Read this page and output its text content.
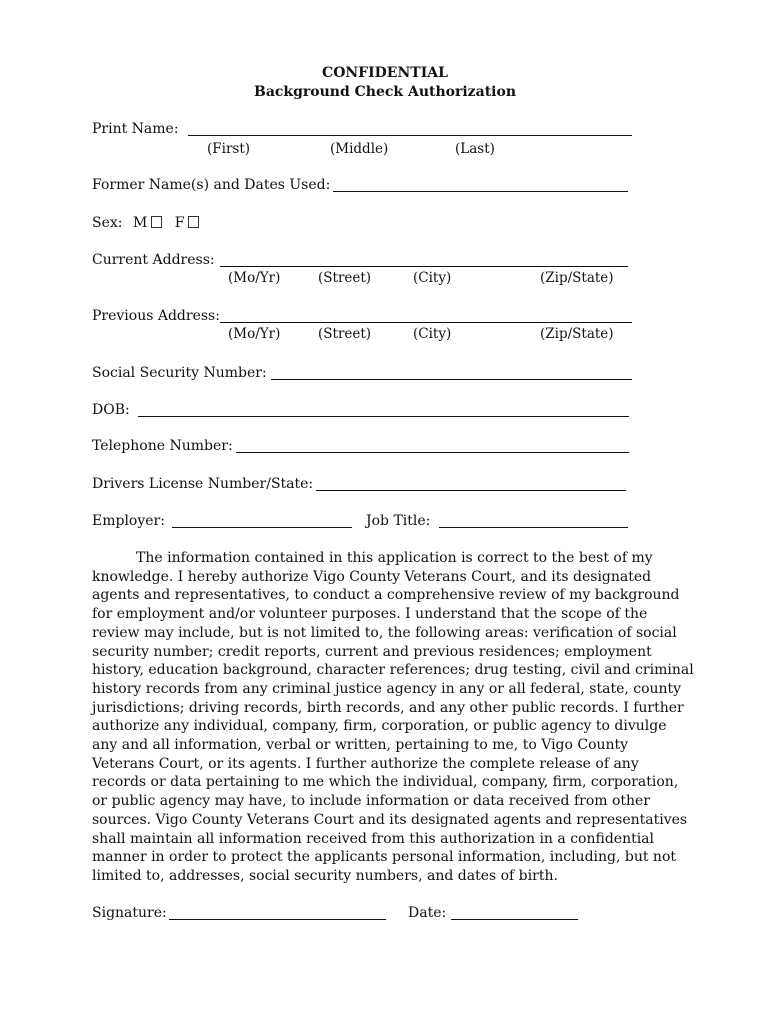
CONFIDENTIAL
Background Check Authorization
Print Name:
(First)	(Middle)	(Last)
Former Name(s) and Dates Used:
Sex: M F
Current Address:
(Mo/Yr)	(Street)	(City)	(Zip/State)
Previous Address:
(Mo/Yr)	(Street)	(City)	(Zip/State)
Social Security Number:
DOB:
Telephone Number:
Drivers License Number/State:
Employer:	Job Title:
The information contained in this application is correct to the best of my
knowledge. I hereby authorize Vigo County Veterans Court, and its designated
agents and representatives, to conduct a comprehensive review of my background
for employment and/or volunteer purposes. I understand that the scope of the
review may include, but is not limited to, the following areas: verification of social
security number; credit reports, current and previous residences; employment
history, education background, character references; drug testing, civil and criminal
history records from any criminal justice agency in any or all federal, state, county
jurisdictions; driving records, birth records, and any other public records. I further
authorize any individual, company, firm, corporation, or public agency to divulge
any and all information, verbal or written, pertaining to me, to Vigo County
Veterans Court, or its agents. I further authorize the complete release of any
records or data pertaining to me which the individual, company, firm, corporation,
or public agency may have, to include information or data received from other
sources. Vigo County Veterans Court and its designated agents and representatives
shall maintain all information received from this authorization in a confidential
manner in order to protect the applicants personal information, including, but not
limited to, addresses, social security numbers, and dates of birth.
Signature:	Date:
